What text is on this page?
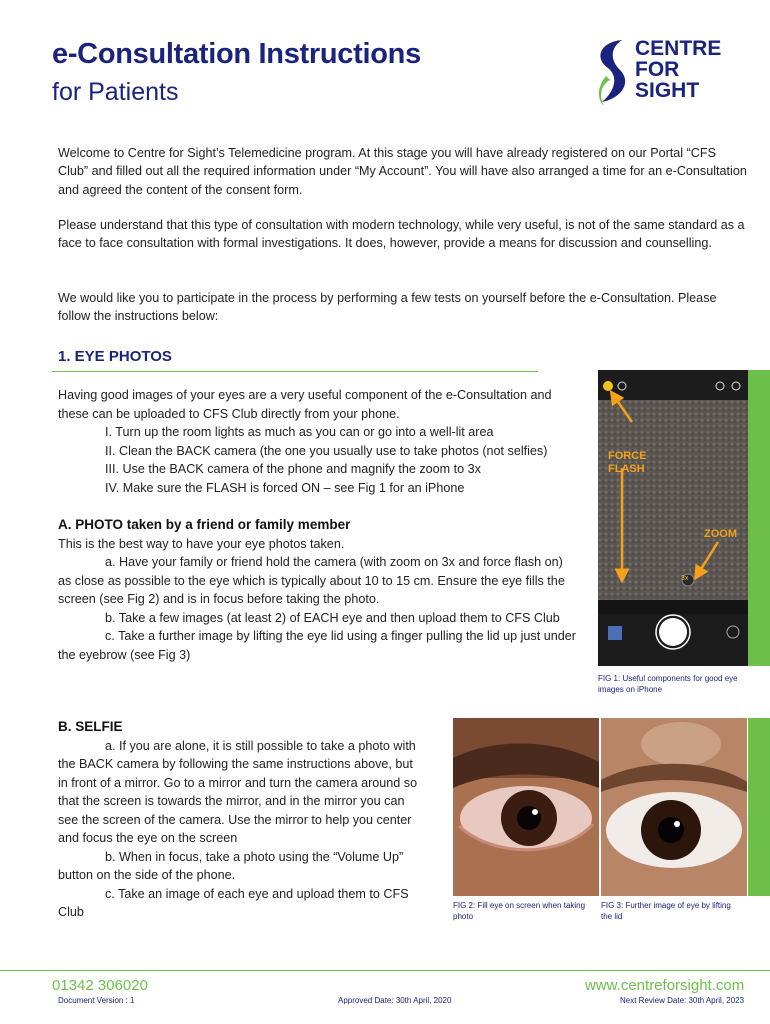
e-Consultation Instructions
for Patients
CENTRE
FOR
SIGHT
Welcome to Centre for Sight’s Telemedicine program. At this stage you will have already registered on our Portal “CFS Club” and filled out all the required information under “My Account”. You will have also arranged a time for an e-Consultation and agreed the content of the consent form.
Please understand that this type of consultation with modern technology, while very useful, is not of the same standard as a face to face consultation with formal investigations. It does, however, provide a means for discussion and counselling.
We would like you to participate in the process by performing a few tests on yourself before the e-Consultation. Please follow the instructions below:
1. EYE PHOTOS
Having good images of your eyes are a very useful component of the e-Consultation and these can be uploaded to CFS Club directly from your phone.
I. Turn up the room lights as much as you can or go into a well-lit area
II. Clean the BACK camera (the one you usually use to take photos (not selfies)
III. Use the BACK camera of the phone and magnify the zoom to 3x
IV. Make sure the FLASH is forced ON – see Fig 1 for an iPhone
A. PHOTO taken by a friend or family member
This is the best way to have your eye photos taken.
a. Have your family or friend hold the camera (with zoom on 3x and force flash on) as close as possible to the eye which is typically about 10 to 15 cm. Ensure the eye fills the screen (see Fig 2) and is in focus before taking the photo.
b. Take a few images (at least 2) of EACH eye and then upload them to CFS Club
c. Take a further image by lifting the eye lid using a finger pulling the lid up just under the eyebrow (see Fig 3)
FORCE
FLASH
ZOOM
3x
FIG 1: Useful components for good eye images on iPhone
B. SELFIE
a. If you are alone, it is still possible to take a photo with the BACK camera by following the same instructions above, but in front of a mirror. Go to a mirror and turn the camera around so that the screen is towards the mirror, and in the mirror you can see the screen of the camera. Use the mirror to help you center and focus the eye on the screen
b. When in focus, take a photo using the “Volume Up” button on the side of the phone.
c. Take an image of each eye and upload them to CFS Club	FIG 2: Fill eye on screen when taking photo
FIG 3: Further image of eye by lifting the lid
01342 306020	www.centreforsight.com
Document Version : 1	Approved Date: 30th April, 2020	Next Review Date: 30th April, 2023
